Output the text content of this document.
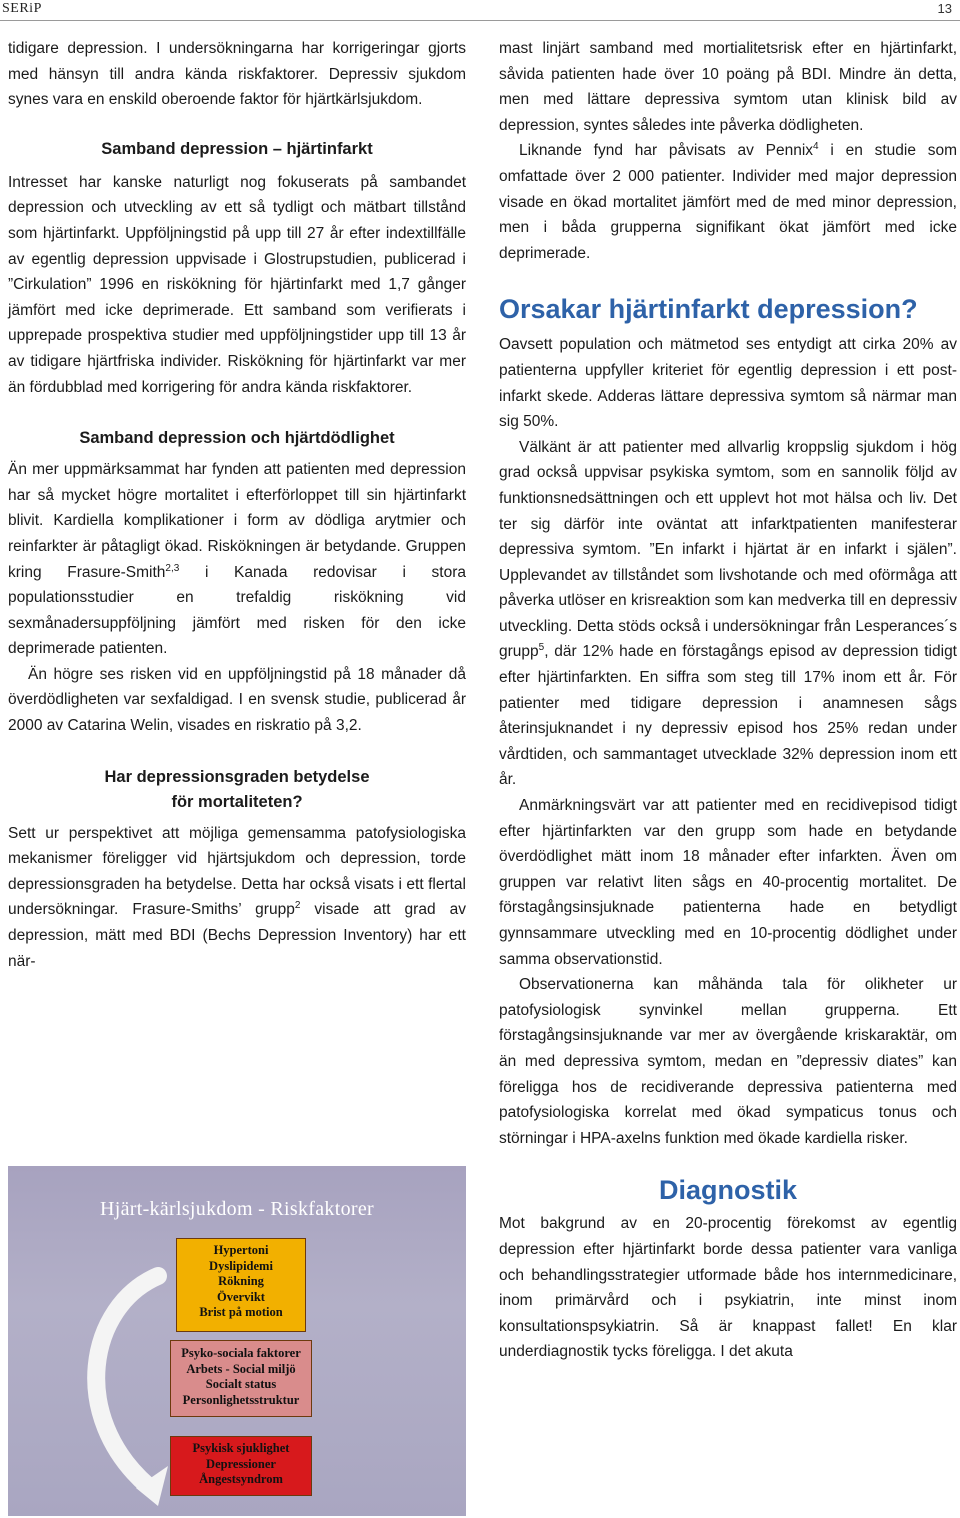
SERiP	13

tidigare depression. I undersökningarna har korrigeringar gjorts med hänsyn till andra kända riskfaktorer. Depressiv sjukdom synes vara en enskild oberoende faktor för hjärtkärlsjukdom.

Samband depression – hjärtinfarkt

Intresset har kanske naturligt nog fokuserats på sambandet depression och utveckling av ett så tydligt och mätbart tillstånd som hjärtinfarkt. Uppföljningstid på upp till 27 år efter indextillfälle av egentlig depression uppvisade i Glostrupstudien, publicerad i ”Cirkulation” 1996 en riskökning för hjärtinfarkt med 1,7 gånger jämfört med icke deprimerade. Ett samband som verifierats i upprepade prospektiva studier med uppföljningstider upp till 13 år av tidigare hjärtfriska individer. Riskökning för hjärtinfarkt var mer än fördubblad med korrigering för andra kända riskfaktorer.

Samband depression och hjärtdödlighet

Än mer uppmärksammat har fynden att patienten med depression har så mycket högre mortalitet i efterförloppet till sin hjärtinfarkt blivit. Kardiella komplikationer i form av dödliga arytmier och reinfarkter är påtagligt ökad. Riskökningen är betydande. Gruppen kring Frasure-Smith$^{2,3}$ i Kanada redovisar i stora populationsstudier en trefaldig riskökning vid sexmånadersuppföljning jämfört med risken för den icke deprimerade patienten.

Än högre ses risken vid en uppföljningstid på 18 månader då överdödligheten var sexfaldigad. I en svensk studie, publicerad år 2000 av Catarina Welin, visades en riskratio på 3,2.

Har depressionsgraden betydelse
för mortaliteten?

Sett ur perspektivet att möjliga gemensamma patofysiologiska mekanismer föreligger vid hjärtsjukdom och depression, torde depressionsgraden ha betydelse. Detta har också visats i ett flertal undersökningar. Frasure-Smiths’ grupp$^2$ visade att grad av depression, mätt med BDI (Bechs Depression Inventory) har ett när-

Hjärt-kärlsjukdom - Riskfaktorer
Hypertoni
Dyslipidemi
Rökning
Övervikt
Brist på motion
Psyko-sociala faktorer
Arbets - Social miljö
Socialt status
Personlighetsstruktur
Psykisk sjuklighet
Depressioner
Ångestsyndrom

mast linjärt samband med mortialitetsrisk efter en hjärtinfarkt, såvida patienten hade över 10 poäng på BDI. Mindre än detta, men med lättare depressiva symtom utan klinisk bild av depression, syntes således inte påverka dödligheten.

Liknande fynd har påvisats av Pennix$^4$ i en studie som omfattade över 2 000 patienter. Individer med major depression visade en ökad mortalitet jämfört med de med minor depression, men i båda grupperna signifikant ökat jämfört med icke deprimerade.

Orsakar hjärtinfarkt depression?

Oavsett population och mätmetod ses entydigt att cirka 20% av patienterna uppfyller kriteriet för egentlig depression i ett post-infarkt skede. Adderas lättare depressiva symtom så närmar man sig 50%.

Välkänt är att patienter med allvarlig kroppslig sjukdom i hög grad också uppvisar psykiska symtom, som en sannolik följd av funktionsnedsättningen och ett upplevt hot mot hälsa och liv. Det ter sig därför inte oväntat att infarktpatienten manifesterar depressiva symtom. ”En infarkt i hjärtat är en infarkt i själen”. Upplevandet av tillståndet som livshotande och med oförmåga att påverka utlöser en krisreaktion som kan medverka till en depressiv utveckling. Detta stöds också i undersökningar från Lesperances´s grupp$^5$, där 12% hade en förstagångs episod av depression tidigt efter hjärtinfarkten. En siffra som steg till 17% inom ett år. För patienter med tidigare depression i anamnesen sågs återinsjuknandet i ny depressiv episod hos 25% redan under vårdtiden, och sammantaget utvecklade 32% depression inom ett år.

Anmärkningsvärt var att patienter med en recidivepisod tidigt efter hjärtinfarkten var den grupp som hade en betydande överdödlighet mätt inom 18 månader efter infarkten. Även om gruppen var relativt liten sågs en 40-procentig mortalitet. De förstagångsinsjuknade patienterna hade en betydligt gynnsammare utveckling med en 10-procentig dödlighet under samma observationstid.

Observationerna kan måhända tala för olikheter ur patofysiologisk synvinkel mellan grupperna. Ett förstagångsinsjuknande var mer av övergående kriskaraktär, om än med depressiva symtom, medan en ”depressiv diates” kan föreligga hos de recidiverande depressiva patienterna med patofysiologiska korrelat med ökad sympaticus tonus och störningar i HPA-axelns funktion med ökade kardiella risker.

Diagnostik

Mot bakgrund av en 20-procentig förekomst av egentlig depression efter hjärtinfarkt borde dessa patienter vara vanliga och behandlingsstrategier utformade både hos internmedicinare, inom primärvård och i psykiatrin, inte minst inom konsultationspsykiatrin. Så är knappast fallet! En klar underdiagnostik tycks föreligga. I det akuta
